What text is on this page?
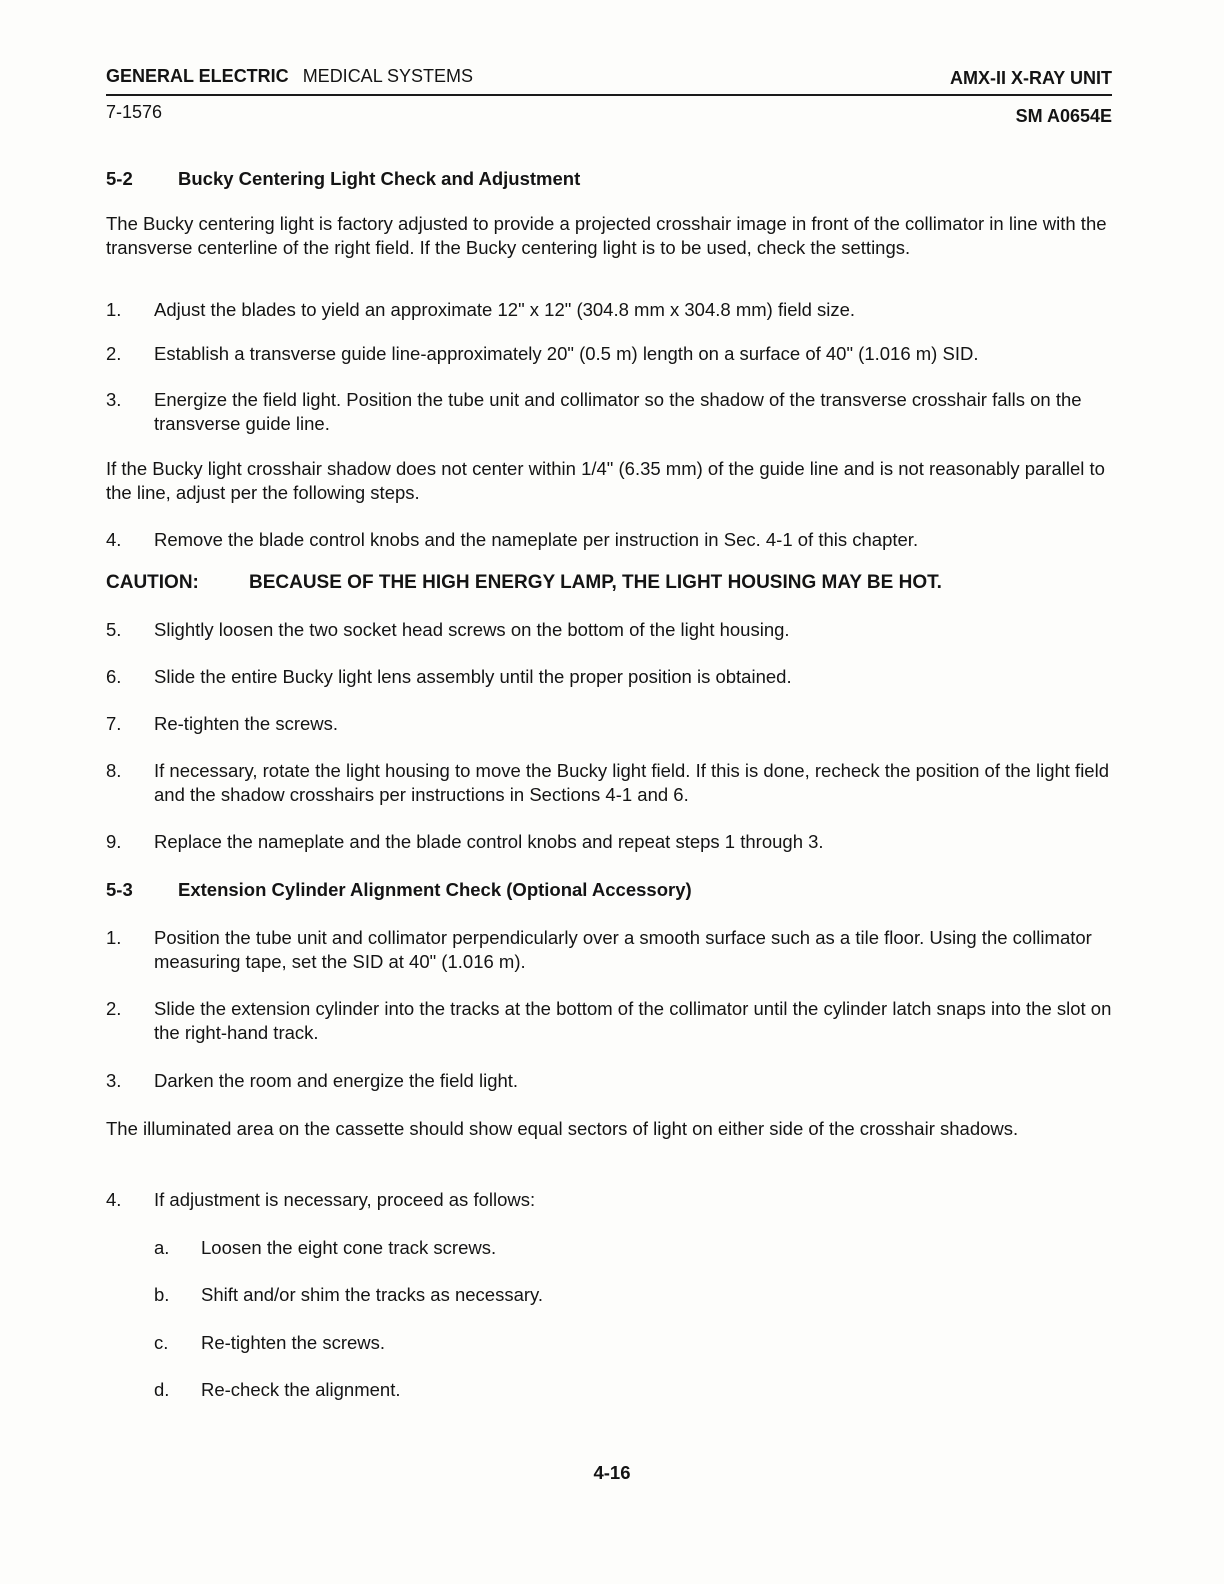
GENERAL ELECTRIC MEDICAL SYSTEMS	AMX-II X-RAY UNIT
7-1576	SM A0654E
5-2 Bucky Centering Light Check and Adjustment
The Bucky centering light is factory adjusted to provide a projected crosshair image in front of the collimator in line with the transverse centerline of the right field. If the Bucky centering light is to be used, check the settings.
1. Adjust the blades to yield an approximate 12" x 12" (304.8 mm x 304.8 mm) field size.
2. Establish a transverse guide line-approximately 20" (0.5 m) length on a surface of 40" (1.016 m) SID.
3. Energize the field light. Position the tube unit and collimator so the shadow of the transverse crosshair falls on the transverse guide line.
If the Bucky light crosshair shadow does not center within 1/4" (6.35 mm) of the guide line and is not reasonably parallel to the line, adjust per the following steps.
4. Remove the blade control knobs and the nameplate per instruction in Sec. 4-1 of this chapter.
CAUTION:	BECAUSE OF THE HIGH ENERGY LAMP, THE LIGHT HOUSING MAY BE HOT.
5. Slightly loosen the two socket head screws on the bottom of the light housing.
6. Slide the entire Bucky light lens assembly until the proper position is obtained.
7. Re-tighten the screws.
8. If necessary, rotate the light housing to move the Bucky light field. If this is done, recheck the position of the light field and the shadow crosshairs per instructions in Sections 4-1 and 6.
9. Replace the nameplate and the blade control knobs and repeat steps 1 through 3.
5-3 Extension Cylinder Alignment Check (Optional Accessory)
1. Position the tube unit and collimator perpendicularly over a smooth surface such as a tile floor. Using the collimator measuring tape, set the SID at 40" (1.016 m).
2. Slide the extension cylinder into the tracks at the bottom of the collimator until the cylinder latch snaps into the slot on the right-hand track.
3. Darken the room and energize the field light.
The illuminated area on the cassette should show equal sectors of light on either side of the crosshair shadows.
4. If adjustment is necessary, proceed as follows:
a. Loosen the eight cone track screws.
b. Shift and/or shim the tracks as necessary.
c. Re-tighten the screws.
d. Re-check the alignment.
4-16
